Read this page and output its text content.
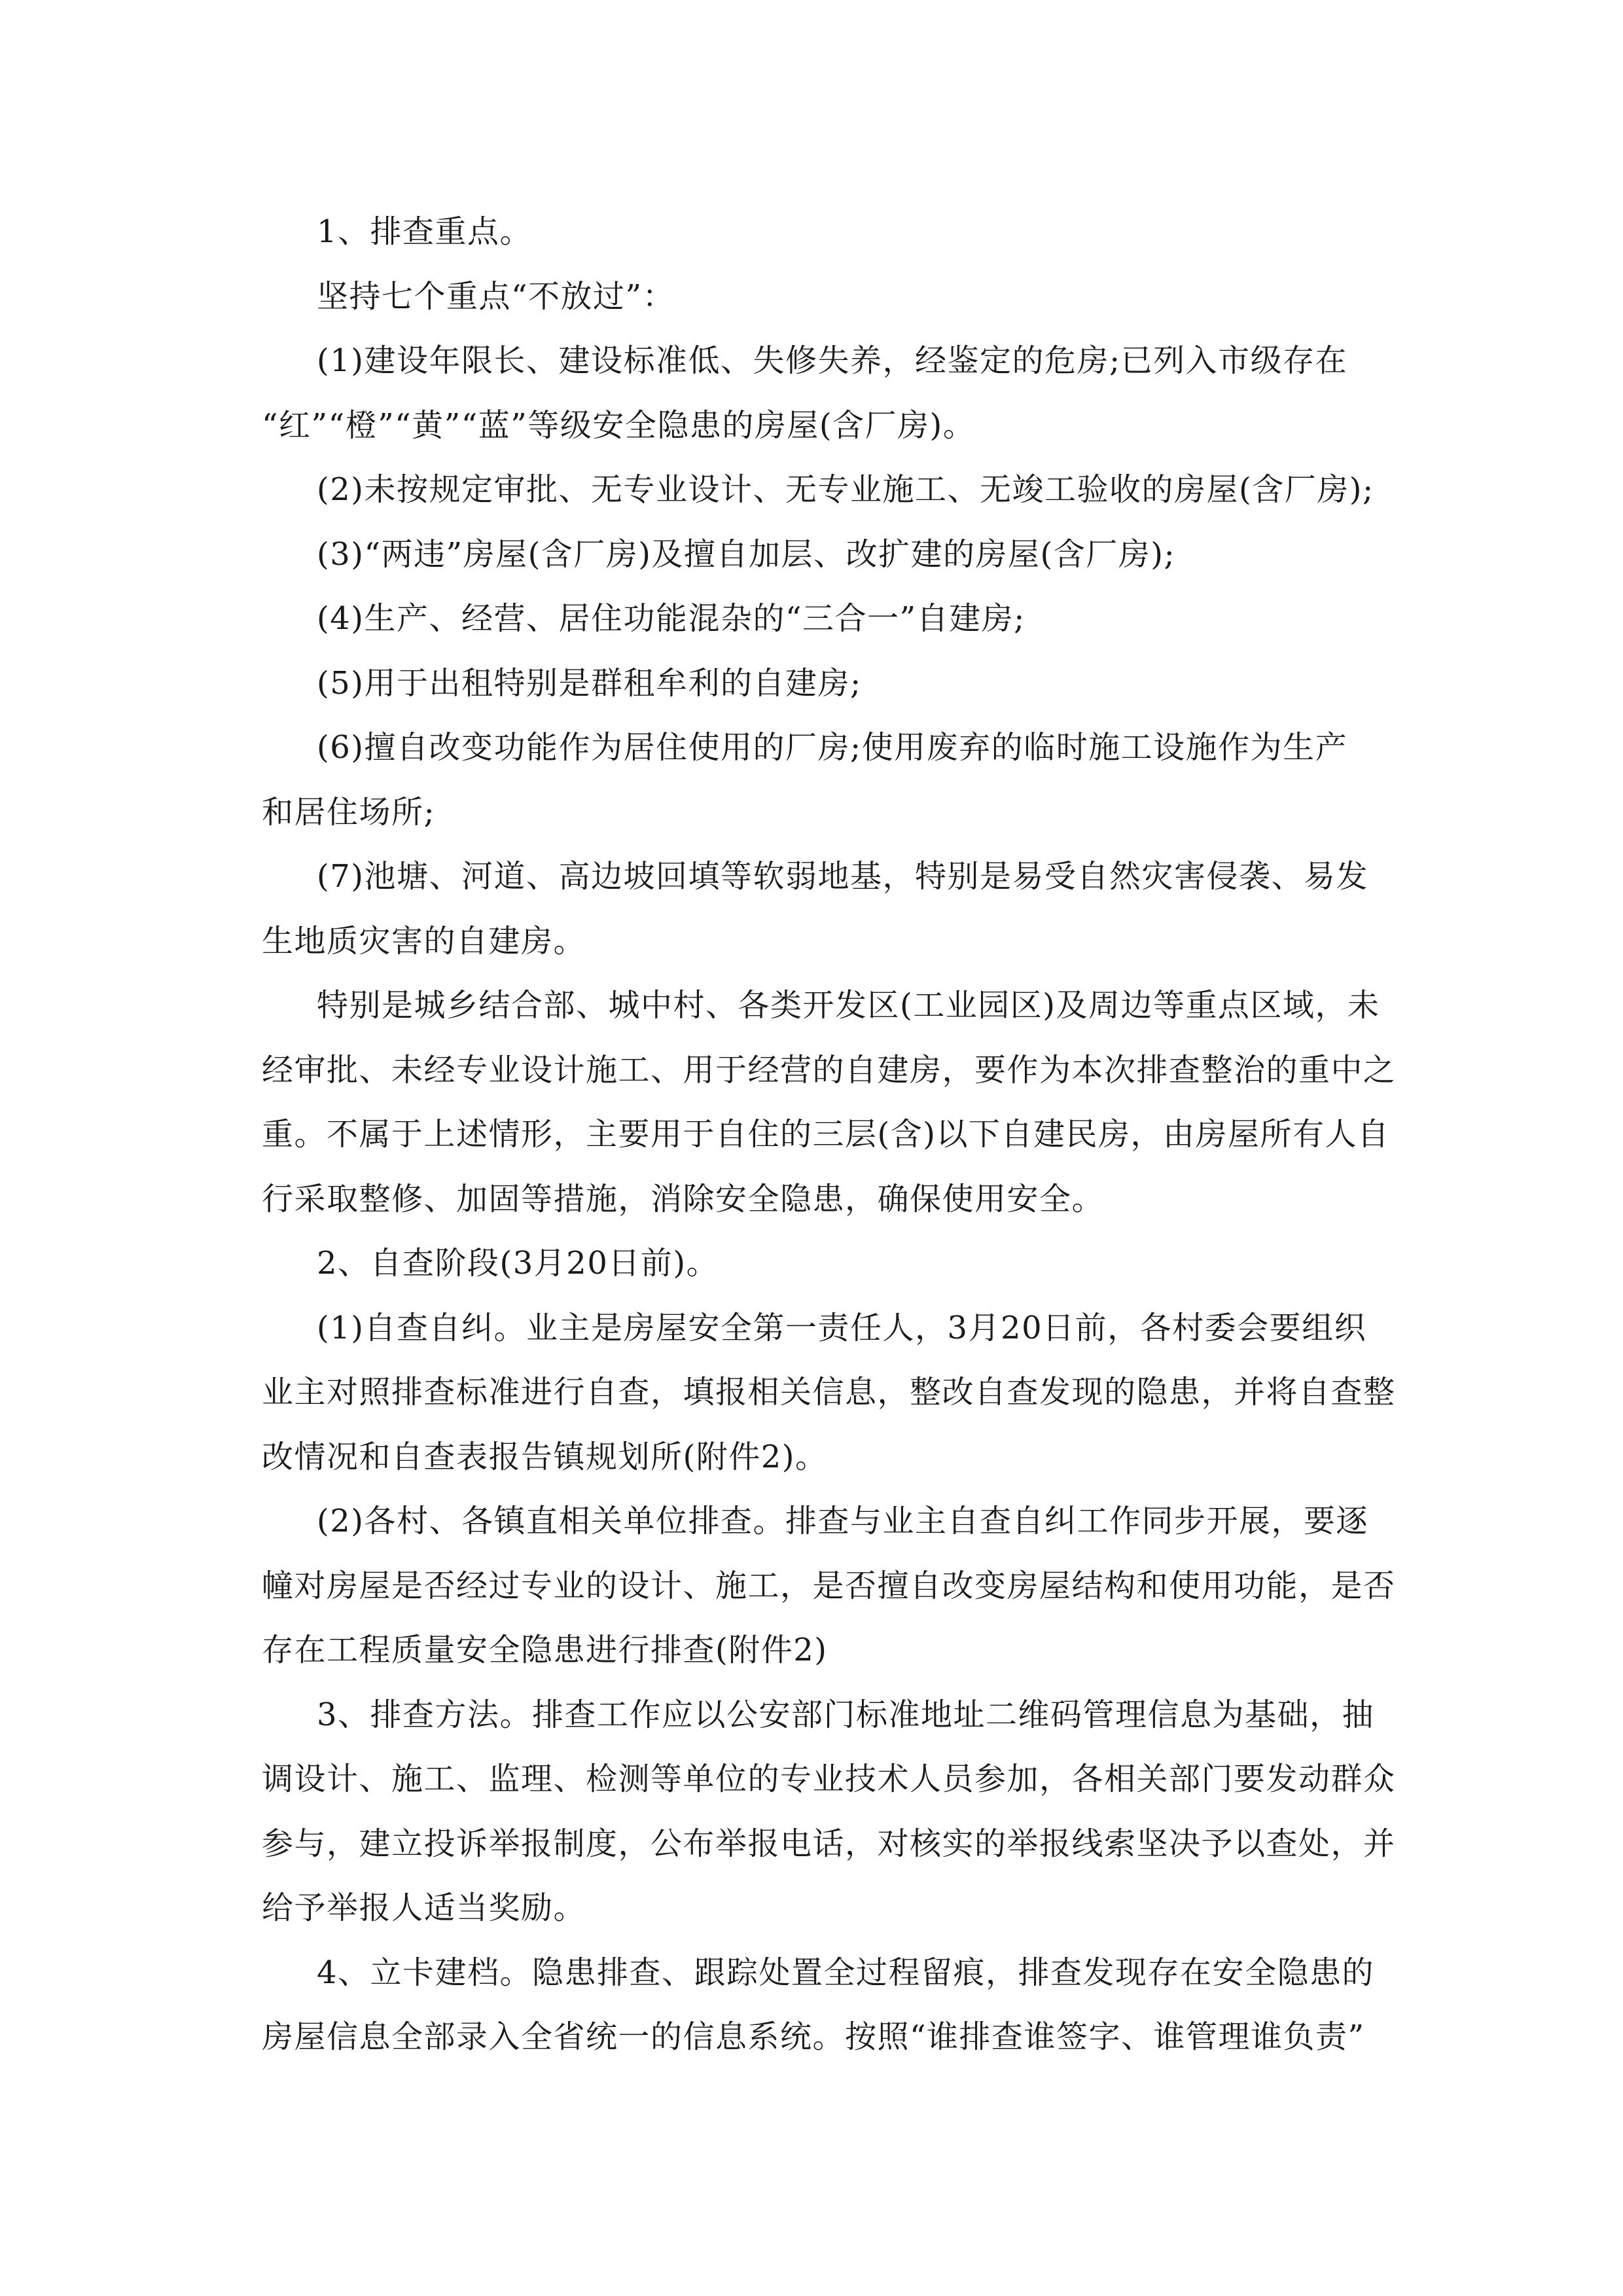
1、排查重点。

坚持七个重点“不放过”：

(1)建设年限长、建设标准低、失修失养，经鉴定的危房;已列入市级存在
“红”“橙”“黄”“蓝”等级安全隐患的房屋(含厂房)。

(2)未按规定审批、无专业设计、无专业施工、无竣工验收的房屋(含厂房);

(3)“两违”房屋(含厂房)及擅自加层、改扩建的房屋(含厂房);

(4)生产、经营、居住功能混杂的“三合一”自建房;

(5)用于出租特别是群租牟利的自建房;

(6)擅自改变功能作为居住使用的厂房;使用废弃的临时施工设施作为生产
和居住场所;

(7)池塘、河道、高边坡回填等软弱地基，特别是易受自然灾害侵袭、易发
生地质灾害的自建房。

特别是城乡结合部、城中村、各类开发区(工业园区)及周边等重点区域，未
经审批、未经专业设计施工、用于经营的自建房，要作为本次排查整治的重中之
重。不属于上述情形，主要用于自住的三层(含)以下自建民房，由房屋所有人自
行采取整修、加固等措施，消除安全隐患，确保使用安全。

2、自查阶段(3月20日前)。

(1)自查自纠。业主是房屋安全第一责任人，3月20日前，各村委会要组织
业主对照排查标准进行自查，填报相关信息，整改自查发现的隐患，并将自查整
改情况和自查表报告镇规划所(附件2)。

(2)各村、各镇直相关单位排查。排查与业主自查自纠工作同步开展，要逐
幢对房屋是否经过专业的设计、施工，是否擅自改变房屋结构和使用功能，是否
存在工程质量安全隐患进行排查(附件2)

3、排查方法。排查工作应以公安部门标准地址二维码管理信息为基础，抽
调设计、施工、监理、检测等单位的专业技术人员参加，各相关部门要发动群众
参与，建立投诉举报制度，公布举报电话，对核实的举报线索坚决予以查处，并
给予举报人适当奖励。

4、立卡建档。隐患排查、跟踪处置全过程留痕，排查发现存在安全隐患的
房屋信息全部录入全省统一的信息系统。按照“谁排查谁签字、谁管理谁负责”
